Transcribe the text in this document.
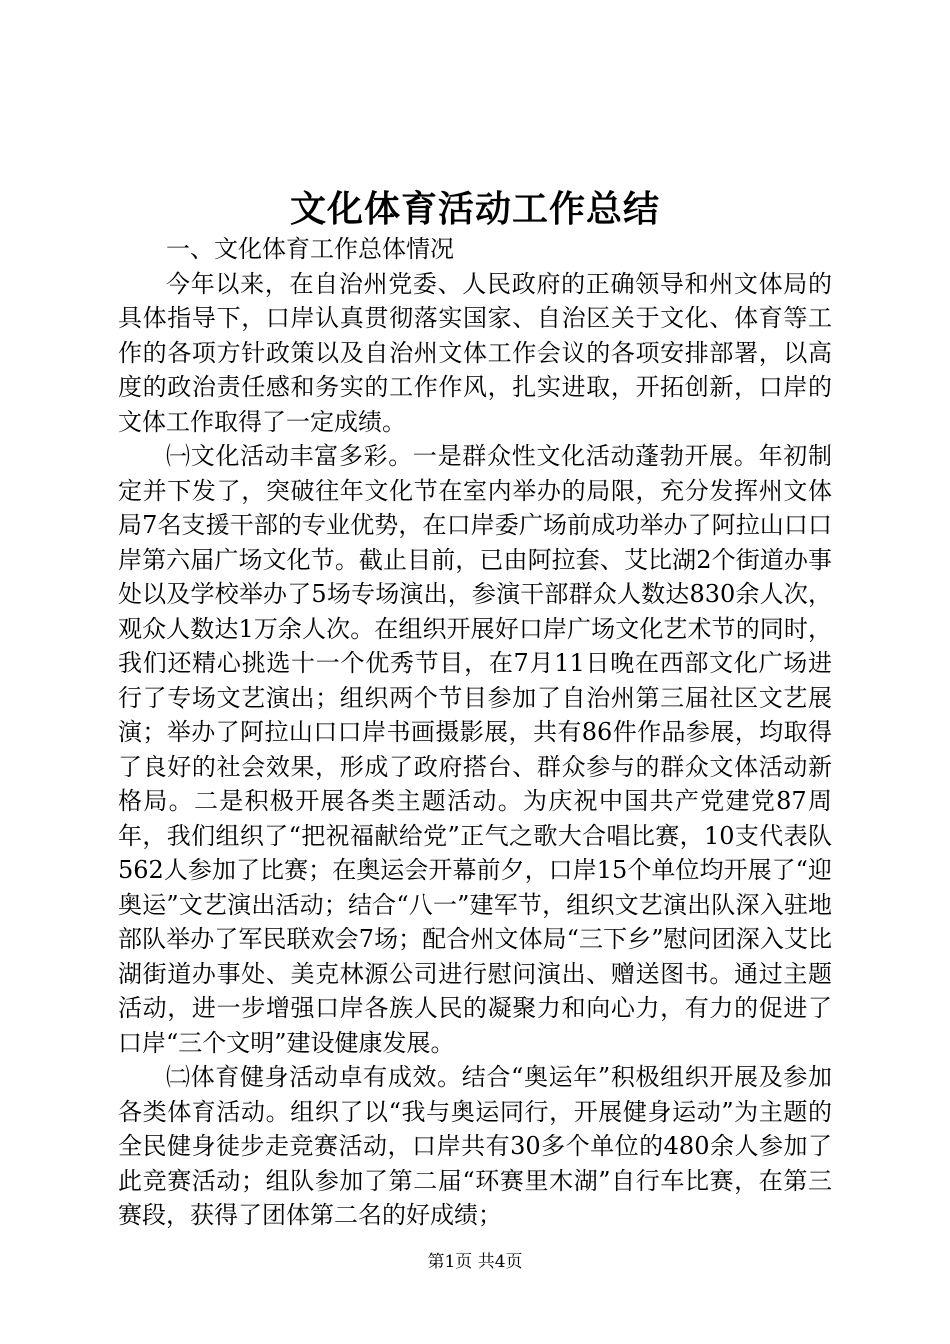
文化体育活动工作总结

一、文化体育工作总体情况

今年以来，在自治州党委、人民政府的正确领导和州文体局的具体指导下，口岸认真贯彻落实国家、自治区关于文化、体育等工作的各项方针政策以及自治州文体工作会议的各项安排部署，以高度的政治责任感和务实的工作作风，扎实进取，开拓创新，口岸的文体工作取得了一定成绩。

㈠文化活动丰富多彩。一是群众性文化活动蓬勃开展。年初制定并下发了，突破往年文化节在室内举办的局限，充分发挥州文体局7名支援干部的专业优势，在口岸委广场前成功举办了阿拉山口口岸第六届广场文化节。截止目前，已由阿拉套、艾比湖2个街道办事处以及学校举办了5场专场演出，参演干部群众人数达830余人次，观众人数达1万余人次。在组织开展好口岸广场文化艺术节的同时，我们还精心挑选十一个优秀节目，在7月11日晚在西部文化广场进行了专场文艺演出；组织两个节目参加了自治州第三届社区文艺展演；举办了阿拉山口口岸书画摄影展，共有86件作品参展，均取得了良好的社会效果，形成了政府搭台、群众参与的群众文体活动新格局。二是积极开展各类主题活动。为庆祝中国共产党建党87周年，我们组织了“把祝福献给党”正气之歌大合唱比赛，10支代表队562人参加了比赛；在奥运会开幕前夕，口岸15个单位均开展了“迎奥运”文艺演出活动；结合“八一”建军节，组织文艺演出队深入驻地部队举办了军民联欢会7场；配合州文体局“三下乡”慰问团深入艾比湖街道办事处、美克林源公司进行慰问演出、赠送图书。通过主题活动，进一步增强口岸各族人民的凝聚力和向心力，有力的促进了口岸“三个文明”建设健康发展。

㈡体育健身活动卓有成效。结合“奥运年”积极组织开展及参加各类体育活动。组织了以“我与奥运同行，开展健身运动”为主题的全民健身徒步走竞赛活动，口岸共有30多个单位的480余人参加了此竞赛活动；组队参加了第二届“环赛里木湖”自行车比赛，在第三赛段，获得了团体第二名的好成绩；

第1页 共4页
